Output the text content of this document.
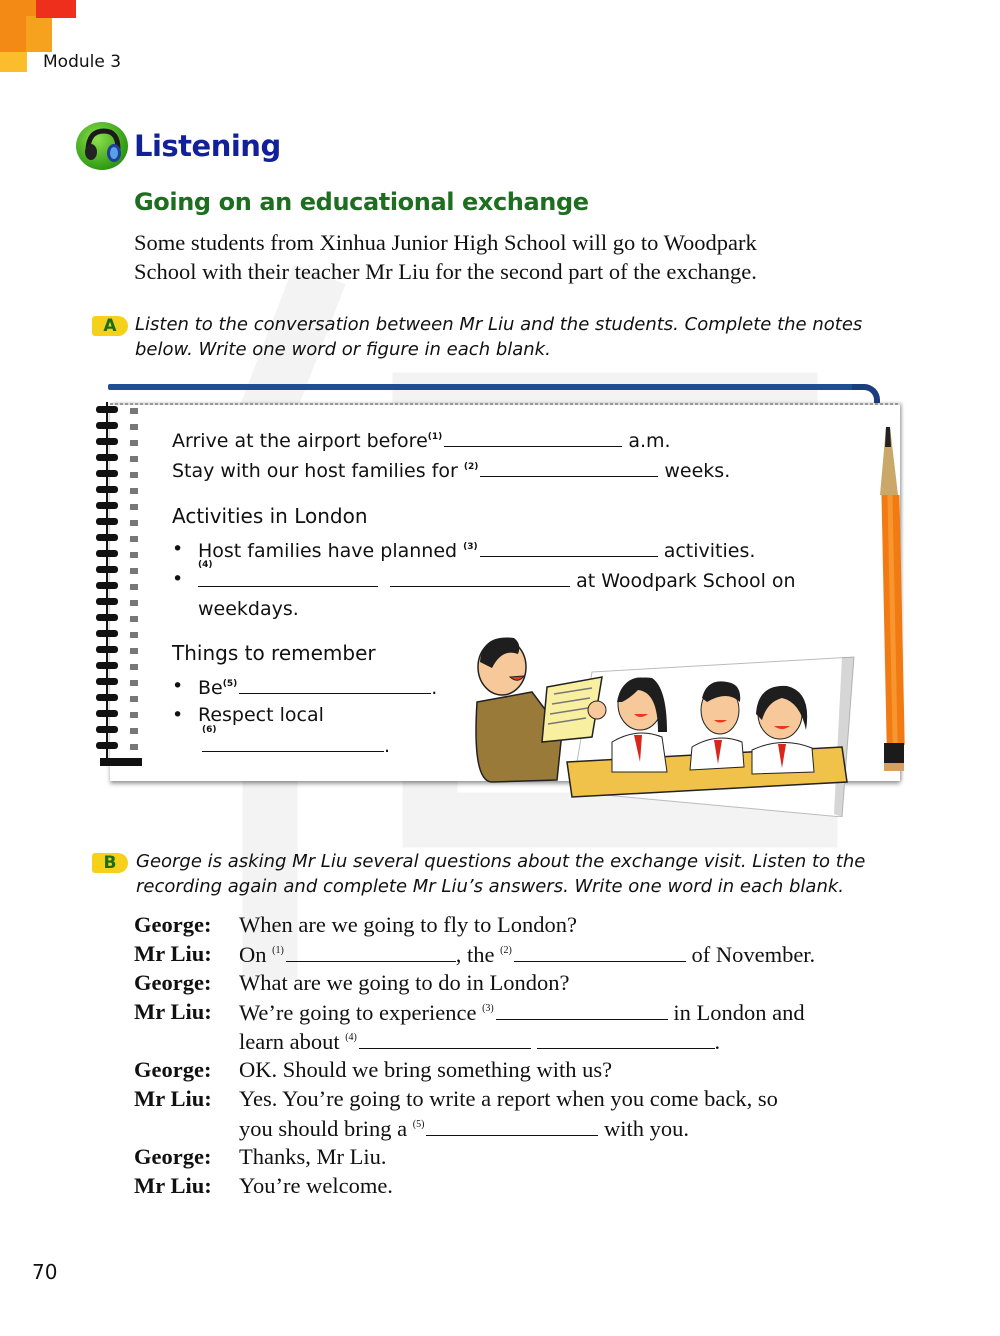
Module 3
Listening
Going on an educational exchange
Some students from Xinhua Junior High School will go to Woodpark
School with their teacher Mr Liu for the second part of the exchange.
A	Listen to the conversation between Mr Liu and the students. Complete the notes
below. Write one word or figure in each blank.
Arrive at the airport before$^{(1)}$	a.m.
Stay with our host families for $^{(2)}$	weeks.
Activities in London
• Host families have planned $^{(3)}$	activities.
• (4)
at Woodpark School on
weekdays.
Things to remember
• Be$^{(5)}$	.
• Respect local
(6)
.
B	George is asking Mr Liu several questions about the exchange visit. Listen to the
recording again and complete Mr Liu’s answers. Write one word in each blank.
George: When are we going to fly to London?
Mr Liu: On $^{(1)}$	, the $^{(2)}$	of November.
George: What are we going to do in London?
Mr Liu: We’re going to experience $^{(3)}$	in London and
learn about $^{(4)}$	.
George: OK. Should we bring something with us?
Mr Liu: Yes. You’re going to write a report when you come back, so
you should bring a $^{(5)}$	with you.
George: Thanks, Mr Liu.
Mr Liu: You’re welcome.
70
